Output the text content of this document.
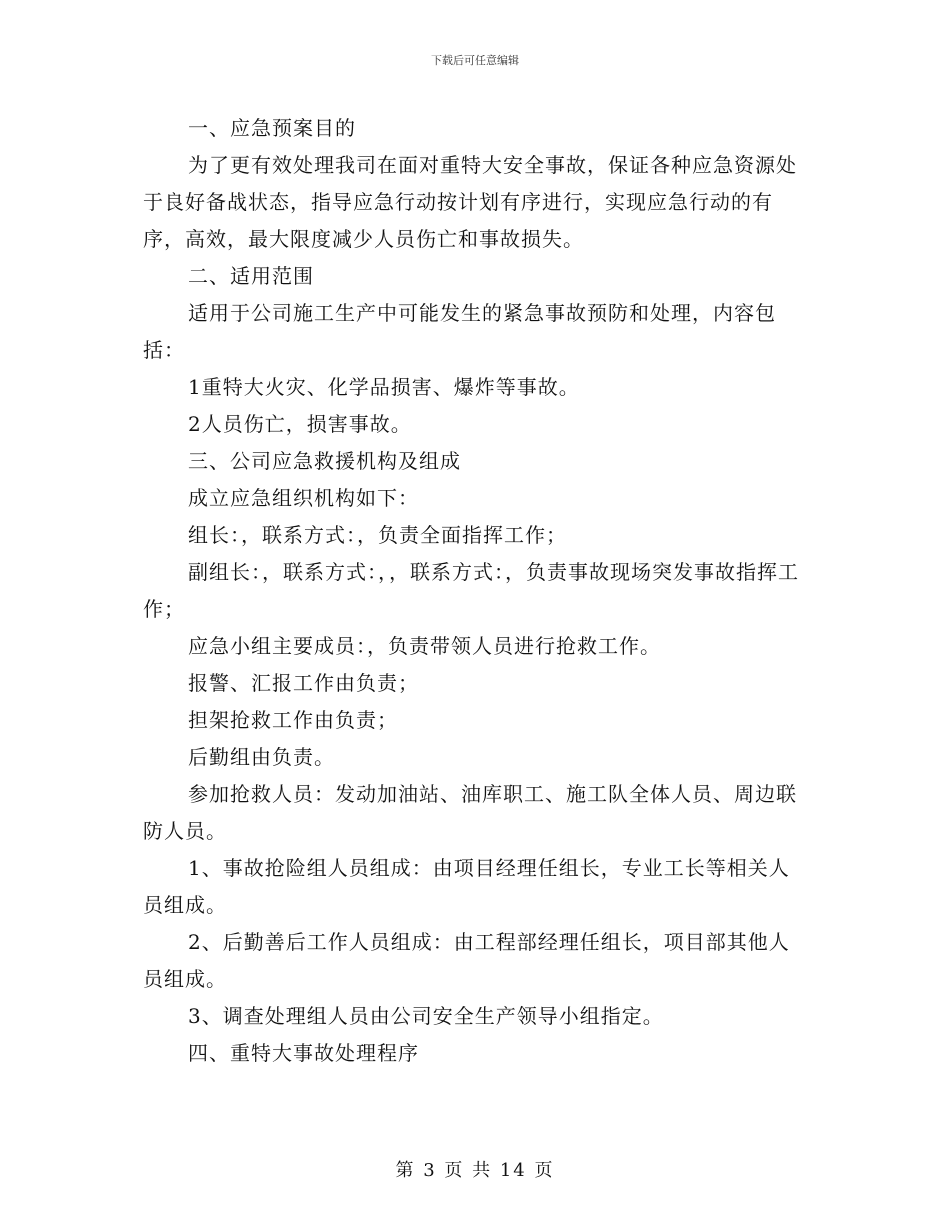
下载后可任意编辑

一、应急预案目的

为了更有效处理我司在面对重特大安全事故，保证各种应急资源处于良好备战状态，指导应急行动按计划有序进行，实现应急行动的有序，高效，最大限度减少人员伤亡和事故损失。

二、适用范围

适用于公司施工生产中可能发生的紧急事故预防和处理，内容包括：

1重特大火灾、化学品损害、爆炸等事故。

2人员伤亡，损害事故。

三、公司应急救援机构及组成

成立应急组织机构如下：

组长：，联系方式：，负责全面指挥工作；

副组长：，联系方式：，，联系方式：，负责事故现场突发事故指挥工作；

应急小组主要成员：，负责带领人员进行抢救工作。

报警、汇报工作由负责；

担架抢救工作由负责；

后勤组由负责。

参加抢救人员：发动加油站、油库职工、施工队全体人员、周边联防人员。

1、事故抢险组人员组成：由项目经理任组长，专业工长等相关人员组成。

2、后勤善后工作人员组成：由工程部经理任组长，项目部其他人员组成。

3、调查处理组人员由公司安全生产领导小组指定。

四、重特大事故处理程序

第 3 页 共 14 页
